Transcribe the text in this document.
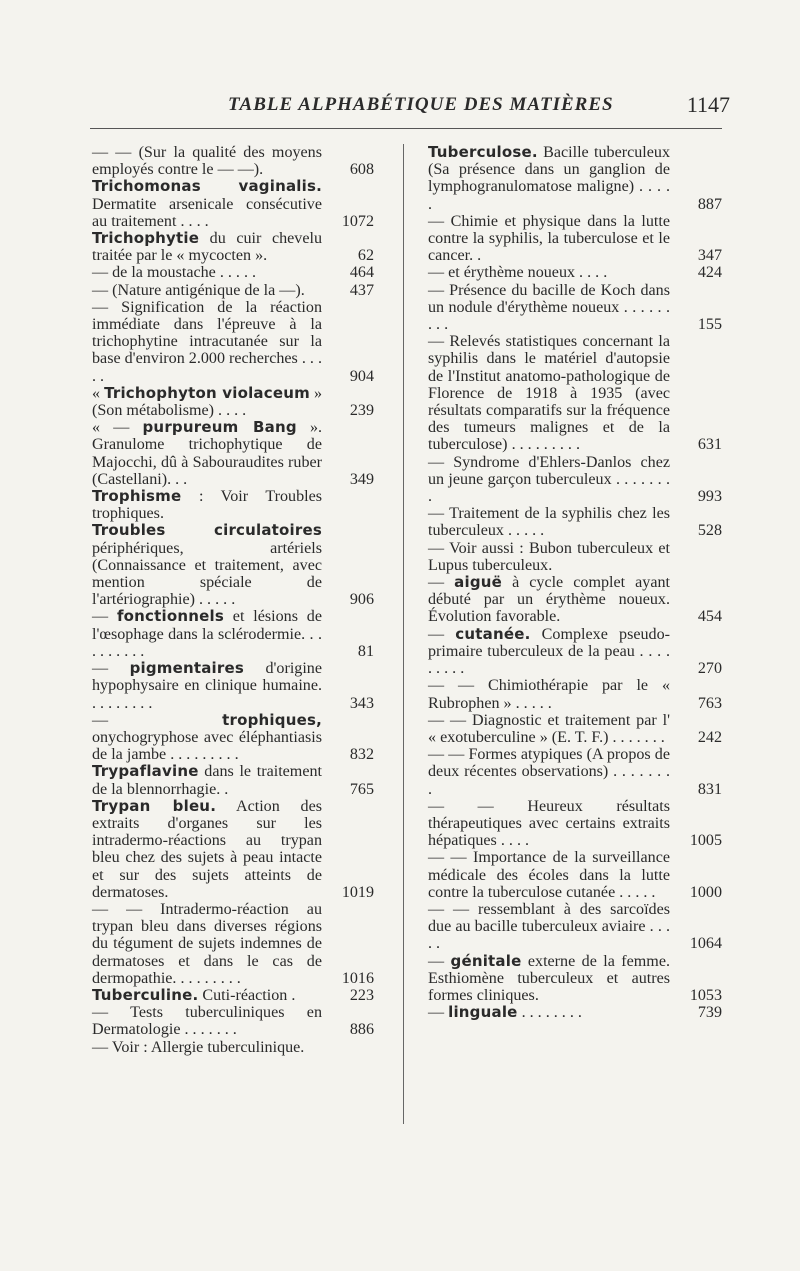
TABLE ALPHABÉTIQUE DES MATIÈRES	1147
— — (Sur la qualité des moyens employés contre le — —).	608
Trichomonas vaginalis. Dermatite arsenicale consécutive au traitement . . . .	1072
Trichophytie du cuir chevelu traitée par le « mycocten ».	62
— de la moustache . . . . .	464
— (Nature antigénique de la —).	437
— Signification de la réaction immédiate dans l'épreuve à la trichophytine intracutanée sur la base d'environ 2.000 recherches . . . . .	904
« Trichophyton violaceum » (Son métabolisme) . . . .	239
« — purpureum Bang ». Granulome trichophytique de Majocchi, dû à Sabouraudites ruber (Castellani). . .	349
Trophisme : Voir Troubles trophiques.
Troubles circulatoires périphériques, artériels (Connaissance et traitement, avec mention spéciale de l'artériographie) . . . . .	906
— fonctionnels et lésions de l'œsophage dans la sclérodermie. . . . . . . . . .	81
— pigmentaires d'origine hypophysaire en clinique humaine. . . . . . . . .	343
— trophiques, onychogryphose avec éléphantiasis de la jambe . . . . . . . . .	832
Trypaflavine dans le traitement de la blennorrhagie. .	765
Trypan bleu. Action des extraits d'organes sur les intradermo-réactions au trypan bleu chez des sujets à peau intacte et sur des sujets atteints de dermatoses.	1019
— — Intradermo-réaction au trypan bleu dans diverses régions du tégument de sujets indemnes de dermatoses et dans le cas de dermopathie. . . . . . . . .	1016
Tuberculine. Cuti-réaction .	223
— Tests tuberculiniques en Dermatologie . . . . . . .	886
— Voir : Allergie tuberculinique.
Tuberculose. Bacille tuberculeux (Sa présence dans un ganglion de lymphogranulomatose maligne) . . . . .	887
— Chimie et physique dans la lutte contre la syphilis, la tuberculose et le cancer. .	347
— et érythème noueux . . . .	424
— Présence du bacille de Koch dans un nodule d'érythème noueux . . . . . . . . .	155
— Relevés statistiques concernant la syphilis dans le matériel d'autopsie de l'Institut anatomo-pathologique de Florence de 1918 à 1935 (avec résultats comparatifs sur la fréquence des tumeurs malignes et de la tuberculose) . . . . . . . . .	631
— Syndrome d'Ehlers-Danlos chez un jeune garçon tuberculeux . . . . . . . .	993
— Traitement de la syphilis chez les tuberculeux . . . . .	528
— Voir aussi : Bubon tuberculeux et Lupus tuberculeux.
— aiguë à cycle complet ayant débuté par un érythème noueux. Évolution favorable.	454
— cutanée. Complexe pseudo-primaire tuberculeux de la peau . . . . . . . . .	270
— — Chimiothérapie par le « Rubrophen » . . . . .	763
— — Diagnostic et traitement par l' « exotuberculine » (E. T. F.) . . . . . . . 242
— — Formes atypiques (A propos de deux récentes observations) . . . . . . . .	831
— — Heureux résultats thérapeutiques avec certains extraits hépatiques . . . .	1005
— — Importance de la surveillance médicale des écoles dans la lutte contre la tuberculose cutanée . . . . . 1000
— — ressemblant à des sarcoïdes due au bacille tuberculeux aviaire . . . . .	1064
— génitale externe de la femme. Esthiomène tuberculeux et autres formes cliniques.	1053
— linguale . . . . . . . .	739
